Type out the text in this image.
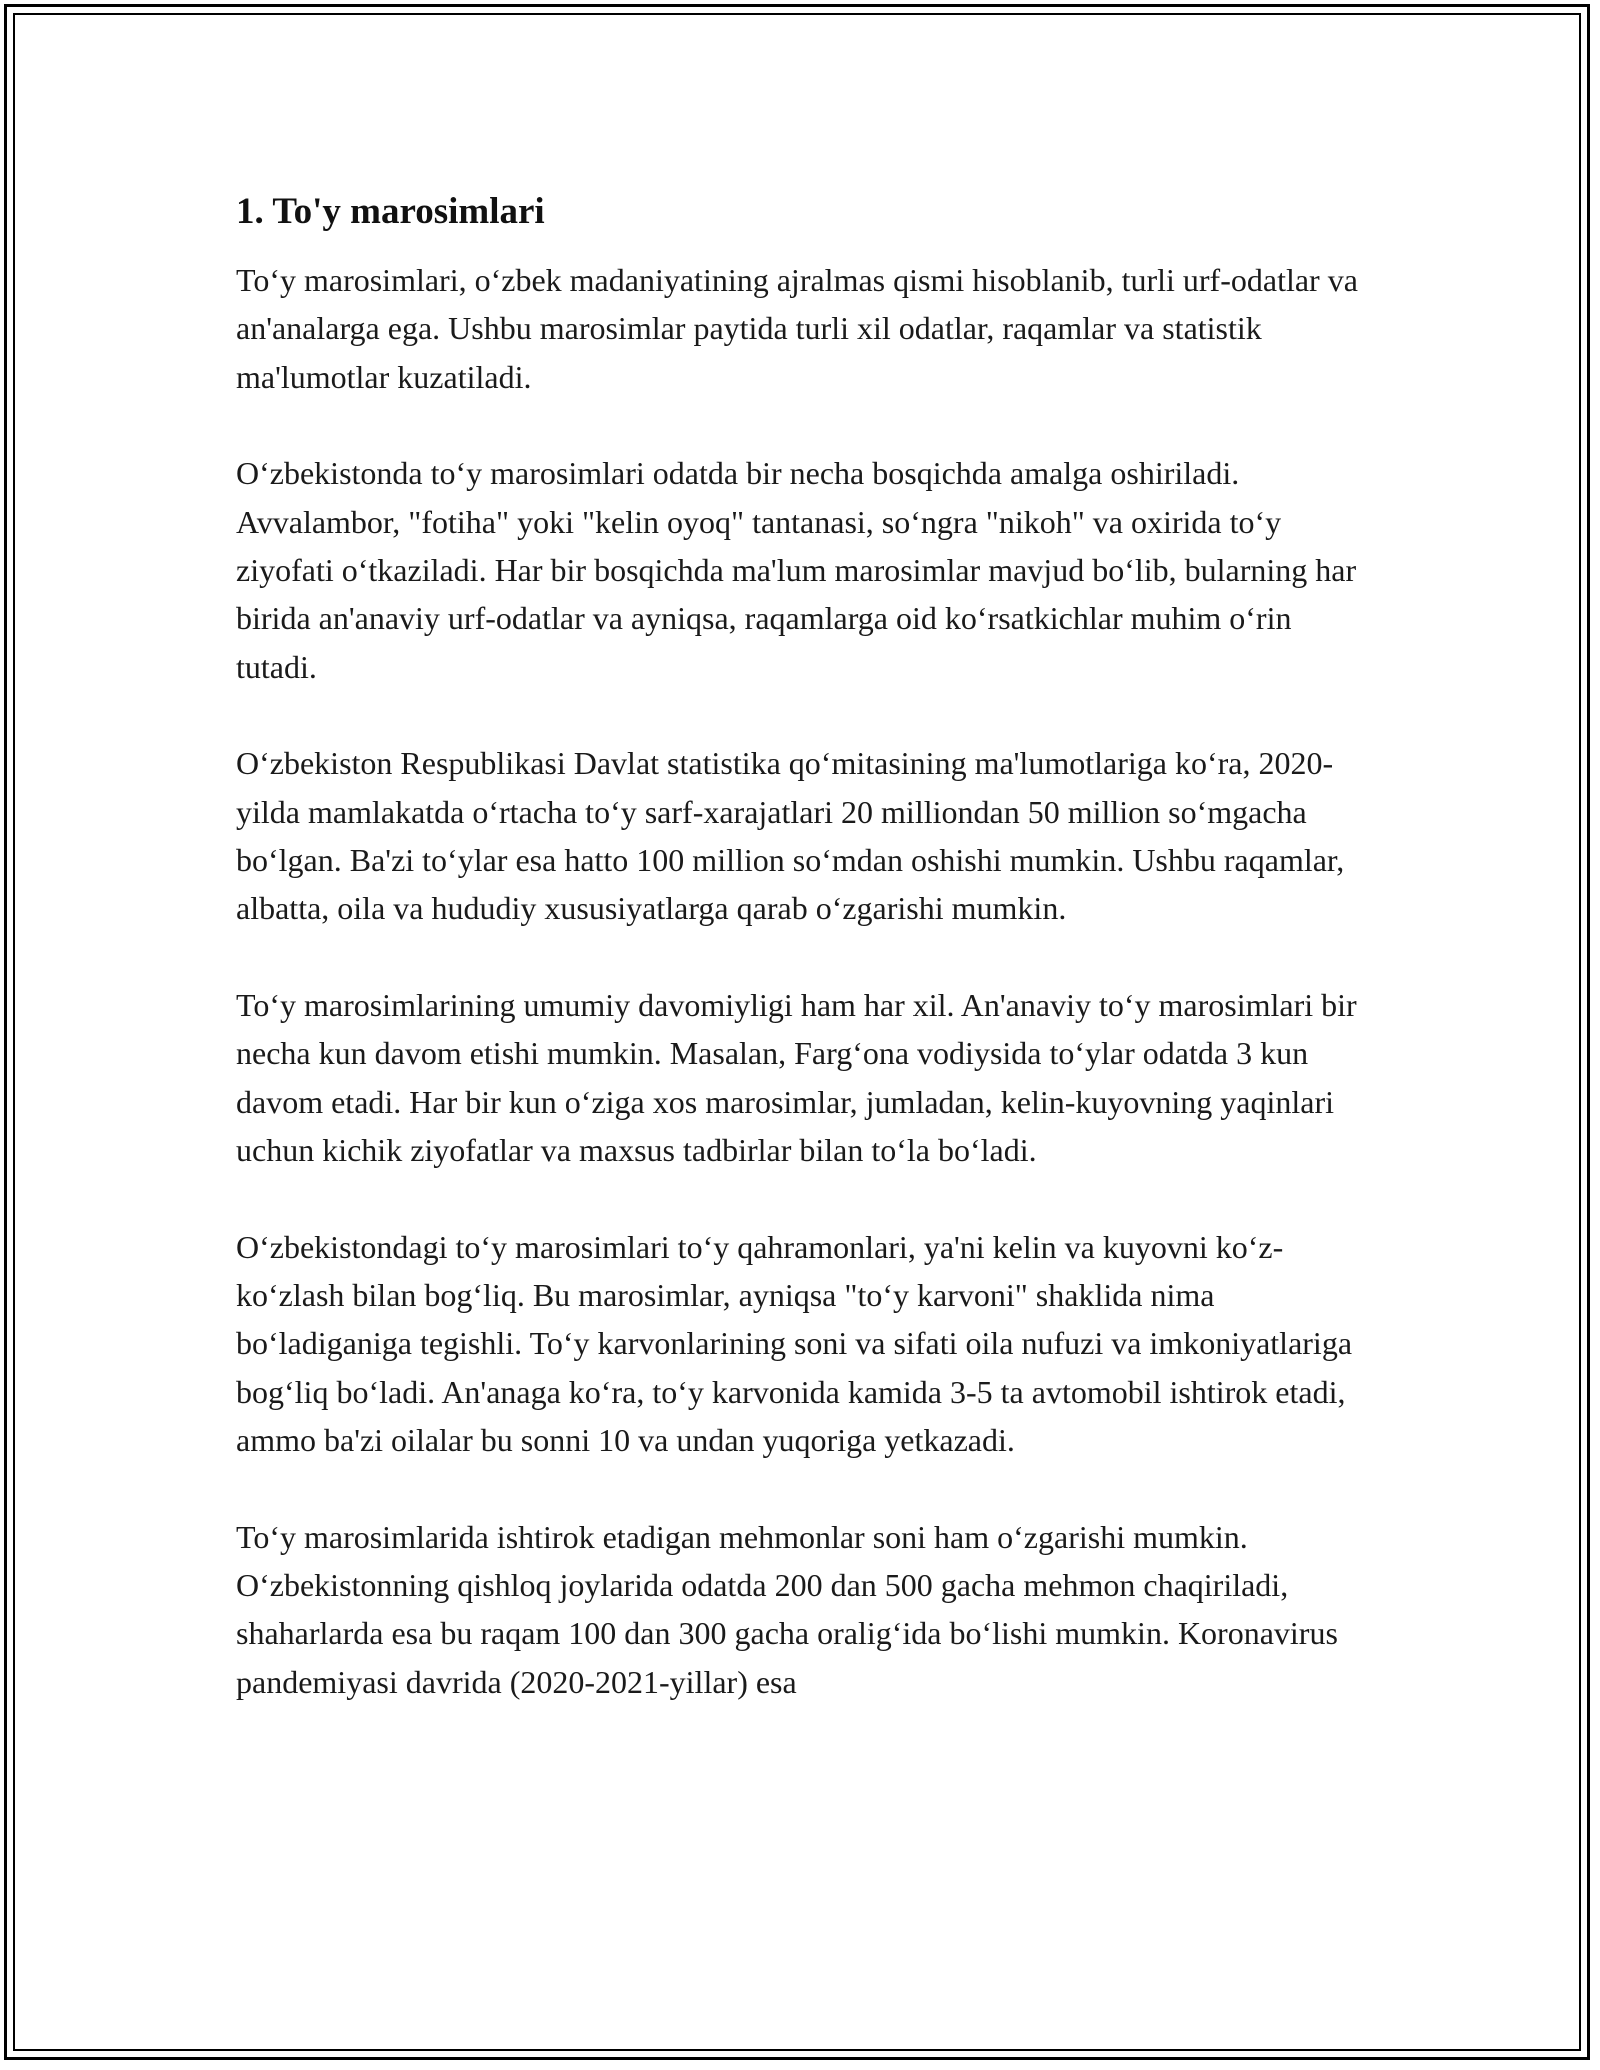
1. To'y marosimlari

To‘y marosimlari, o‘zbek madaniyatining ajralmas qismi hisoblanib, turli urf-odatlar va an'analarga ega. Ushbu marosimlar paytida turli xil odatlar, raqamlar va statistik ma'lumotlar kuzatiladi.

O‘zbekistonda to‘y marosimlari odatda bir necha bosqichda amalga oshiriladi. Avvalambor, "fotiha" yoki "kelin oyoq" tantanasi, so‘ngra "nikoh" va oxirida to‘y ziyofati o‘tkaziladi. Har bir bosqichda ma'lum marosimlar mavjud bo‘lib, bularning har birida an'anaviy urf-odatlar va ayniqsa, raqamlarga oid ko‘rsatkichlar muhim o‘rin tutadi.

O‘zbekiston Respublikasi Davlat statistika qo‘mitasining ma'lumotlariga ko‘ra, 2020-yilda mamlakatda o‘rtacha to‘y sarf-xarajatlari 20 milliondan 50 million so‘mgacha bo‘lgan. Ba'zi to‘ylar esa hatto 100 million so‘mdan oshishi mumkin. Ushbu raqamlar, albatta, oila va hududiy xususiyatlarga qarab o‘zgarishi mumkin.

To‘y marosimlarining umumiy davomiyligi ham har xil. An'anaviy to‘y marosimlari bir necha kun davom etishi mumkin. Masalan, Farg‘ona vodiysida to‘ylar odatda 3 kun davom etadi. Har bir kun o‘ziga xos marosimlar, jumladan, kelin-kuyovning yaqinlari uchun kichik ziyofatlar va maxsus tadbirlar bilan to‘la bo‘ladi.

O‘zbekistondagi to‘y marosimlari to‘y qahramonlari, ya'ni kelin va kuyovni ko‘z-ko‘zlash bilan bog‘liq. Bu marosimlar, ayniqsa "to‘y karvoni" shaklida nima bo‘ladiganiga tegishli. To‘y karvonlarining soni va sifati oila nufuzi va imkoniyatlariga bog‘liq bo‘ladi. An'anaga ko‘ra, to‘y karvonida kamida 3-5 ta avtomobil ishtirok etadi, ammo ba'zi oilalar bu sonni 10 va undan yuqoriga yetkazadi.

To‘y marosimlarida ishtirok etadigan mehmonlar soni ham o‘zgarishi mumkin. O‘zbekistonning qishloq joylarida odatda 200 dan 500 gacha mehmon chaqiriladi, shaharlarda esa bu raqam 100 dan 300 gacha oralig‘ida bo‘lishi mumkin. Koronavirus pandemiyasi davrida (2020-2021-yillar) esa
